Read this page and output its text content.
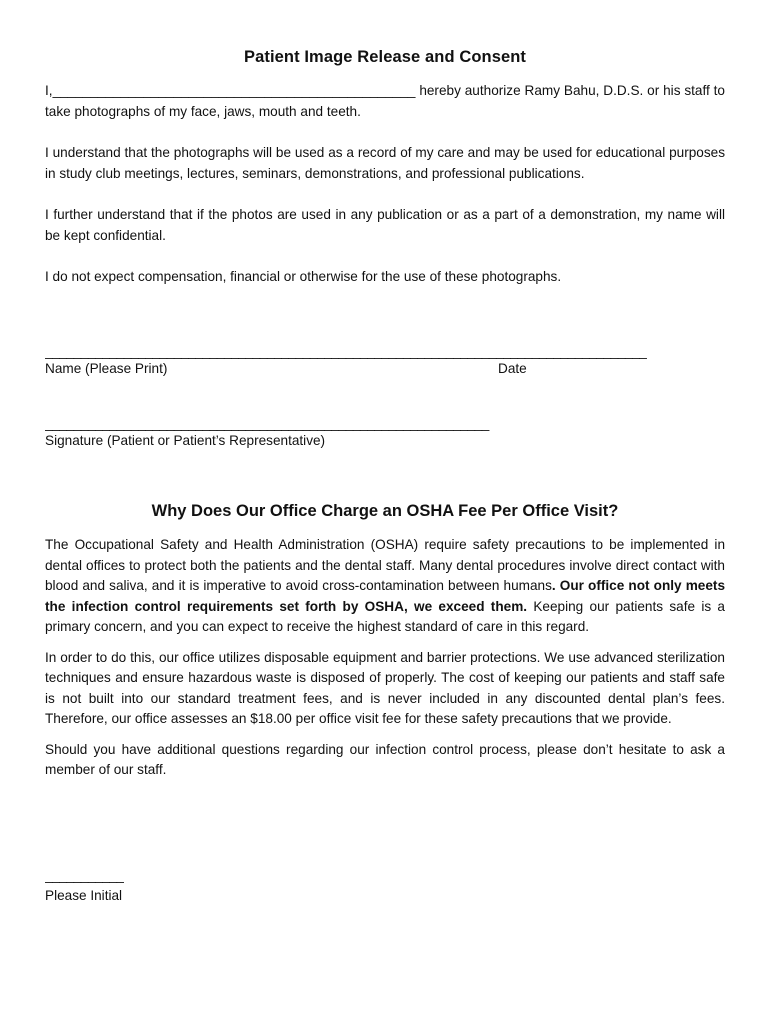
Patient Image Release and Consent

I,________________________________________________ hereby authorize Ramy Bahu, D.D.S. or his staff to take photographs of my face, jaws, mouth and teeth.

I understand that the photographs will be used as a record of my care and may be used for educational purposes in study club meetings, lectures, seminars, demonstrations, and professional publications.

I further understand that if the photos are used in any publication or as a part of a demonstration, my name will be kept confidential.

I do not expect compensation, financial or otherwise for the use of these photographs.

____________________________________________________________________________________
Name (Please Print)	Date
______________________________________________________________
Signature (Patient or Patient’s Representative)
Why Does Our Office Charge an OSHA Fee Per Office Visit?

The Occupational Safety and Health Administration (OSHA) require safety precautions to be implemented in dental offices to protect both the patients and the dental staff. Many dental procedures involve direct contact with blood and saliva, and it is imperative to avoid cross-contamination between humans. Our office not only meets the infection control requirements set forth by OSHA, we exceed them. Keeping our patients safe is a primary concern, and you can expect to receive the highest standard of care in this regard.

In order to do this, our office utilizes disposable equipment and barrier protections. We use advanced sterilization techniques and ensure hazardous waste is disposed of properly. The cost of keeping our patients and staff safe is not built into our standard treatment fees, and is never included in any discounted dental plan’s fees. Therefore, our office assesses an $18.00 per office visit fee for these safety precautions that we provide.

Should you have additional questions regarding our infection control process, please don’t hesitate to ask a member of our staff.

___________
Please Initial
